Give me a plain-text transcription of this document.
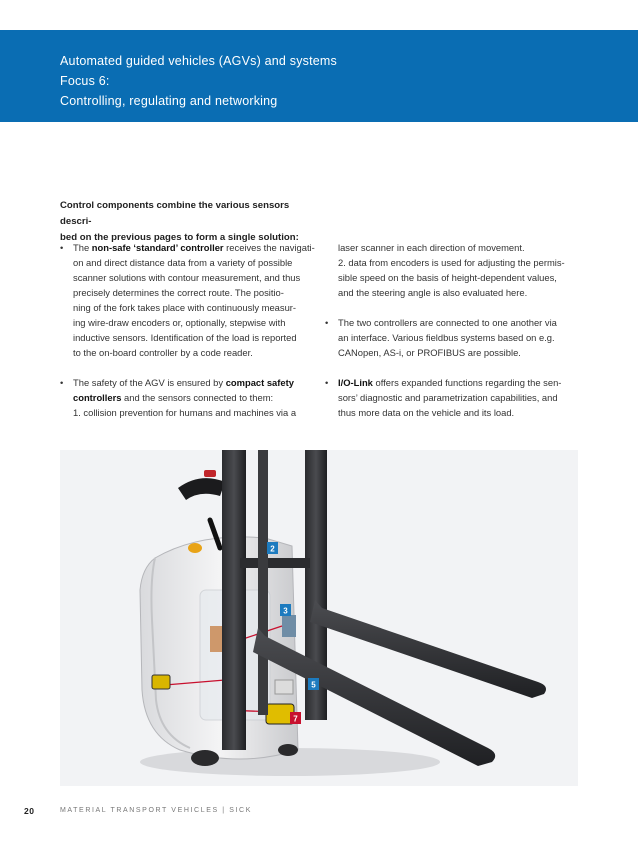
Automated guided vehicles (AGVs) and systems
Focus 6:
Controlling, regulating and networking
Control components combine the various sensors descri-
bed on the previous pages to form a single solution:
• The non-safe ‘standard’ controller receives the navigati-
on and direct distance data from a variety of possible
scanner solutions with contour measurement, and thus
precisely determines the correct route. The positio-
ning of the fork takes place with continuously measur-
ing wire-draw encoders or, optionally, stepwise with
inductive sensors. Identification of the load is reported
to the on-board controller by a code reader.
• The safety of the AGV is ensured by compact safety
controllers and the sensors connected to them:
1. collision prevention for humans and machines via a
laser scanner in each direction of movement.
2. data from encoders is used for adjusting the permis-
sible speed on the basis of height-dependent values,
and the steering angle is also evaluated here.
• The two controllers are connected to one another via
an interface. Various fieldbus systems based on e.g.
CANopen, AS-i, or PROFIBUS are possible.
• I/O-Link offers expanded functions regarding the sen-
sors’ diagnostic and parametrization capabilities, and
thus more data on the vehicle and its load.
2
3
5
7
20	MATERIAL TRANSPORT VEHICLES | SICK
